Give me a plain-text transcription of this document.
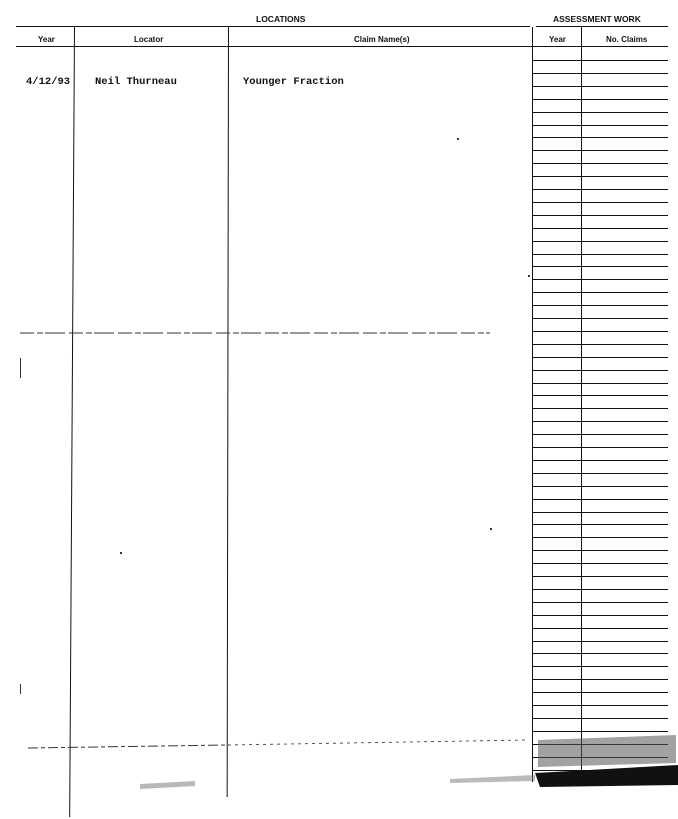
LOCATIONS	ASSESSMENT WORK
Year	Locator	Claim Name(s)	Year	No. Claims
4/12/93 Neil Thurneau	Younger Fraction
